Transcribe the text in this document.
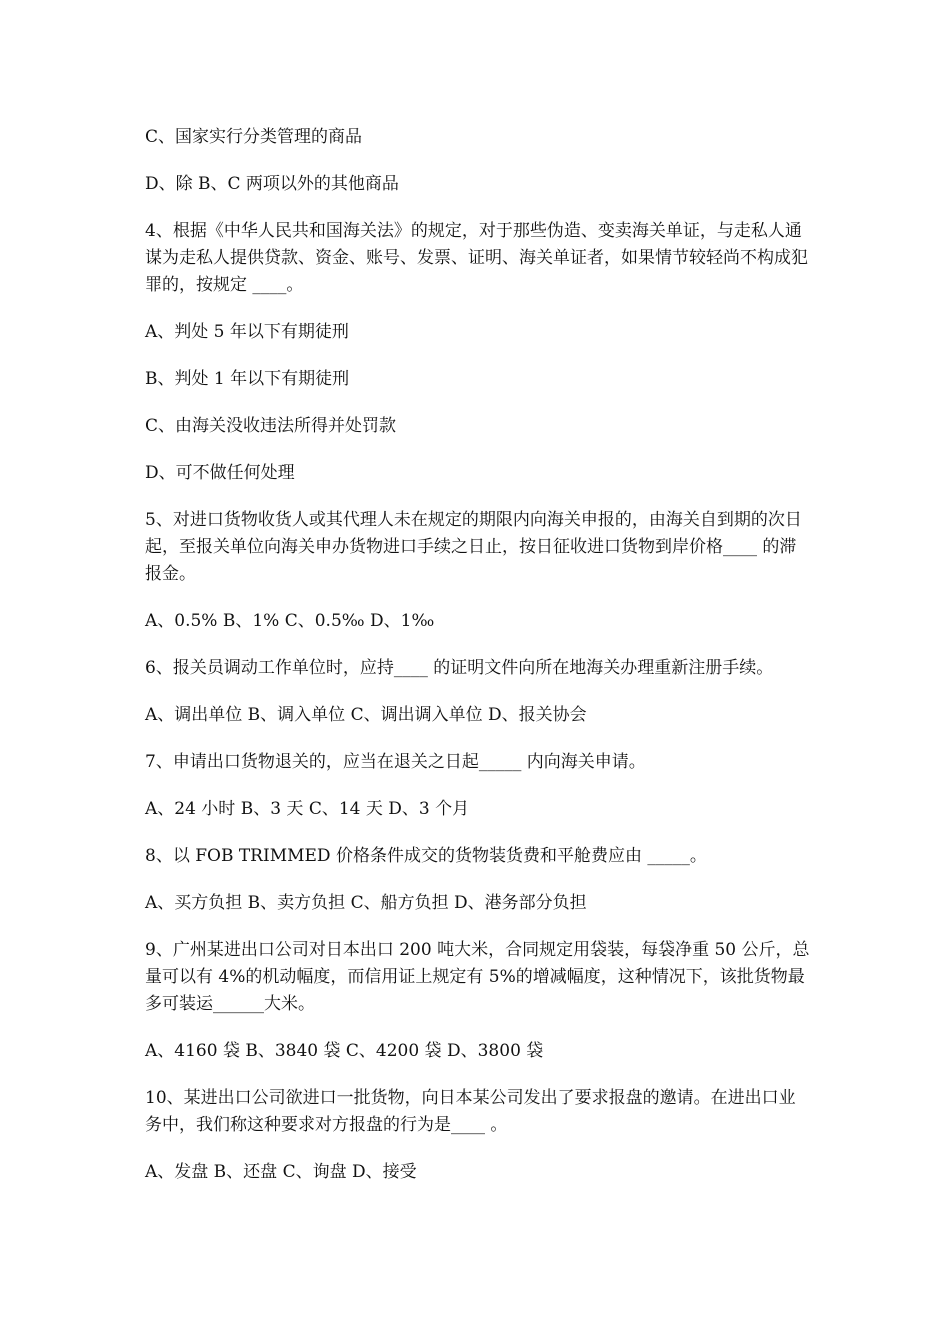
C、国家实行分类管理的商品

D、除 B、C 两项以外的其他商品

4、根据《中华人民共和国海关法》的规定，对于那些伪造、变卖海关单证，与走私人通谋为走私人提供贷款、资金、账号、发票、证明、海关单证者，如果情节较轻尚不构成犯罪的，按规定 ____。

A、判处 5 年以下有期徒刑

B、判处 1 年以下有期徒刑

C、由海关没收违法所得并处罚款

D、可不做任何处理

5、对进口货物收货人或其代理人未在规定的期限内向海关申报的，由海关自到期的次日起，至报关单位向海关申办货物进口手续之日止，按日征收进口货物到岸价格____ 的滞报金。

A、0.5% B、1% C、0.5‰ D、1‰

6、报关员调动工作单位时，应持____ 的证明文件向所在地海关办理重新注册手续。

A、调出单位 B、调入单位 C、调出调入单位 D、报关协会

7、申请出口货物退关的，应当在退关之日起_____ 内向海关申请。

A、24 小时 B、3 天 C、14 天 D、3 个月

8、以 FOB TRIMMED 价格条件成交的货物装货费和平舱费应由 _____。

A、买方负担 B、卖方负担 C、船方负担 D、港务部分负担

9、广州某进出口公司对日本出口 200 吨大米，合同规定用袋装，每袋净重 50 公斤，总量可以有 4%的机动幅度，而信用证上规定有 5%的增减幅度，这种情况下，该批货物最多可装运______大米。

A、4160 袋 B、3840 袋 C、4200 袋 D、3800 袋

10、某进出口公司欲进口一批货物，向日本某公司发出了要求报盘的邀请。在进出口业务中，我们称这种要求对方报盘的行为是____ 。

A、发盘 B、还盘 C、询盘 D、接受
